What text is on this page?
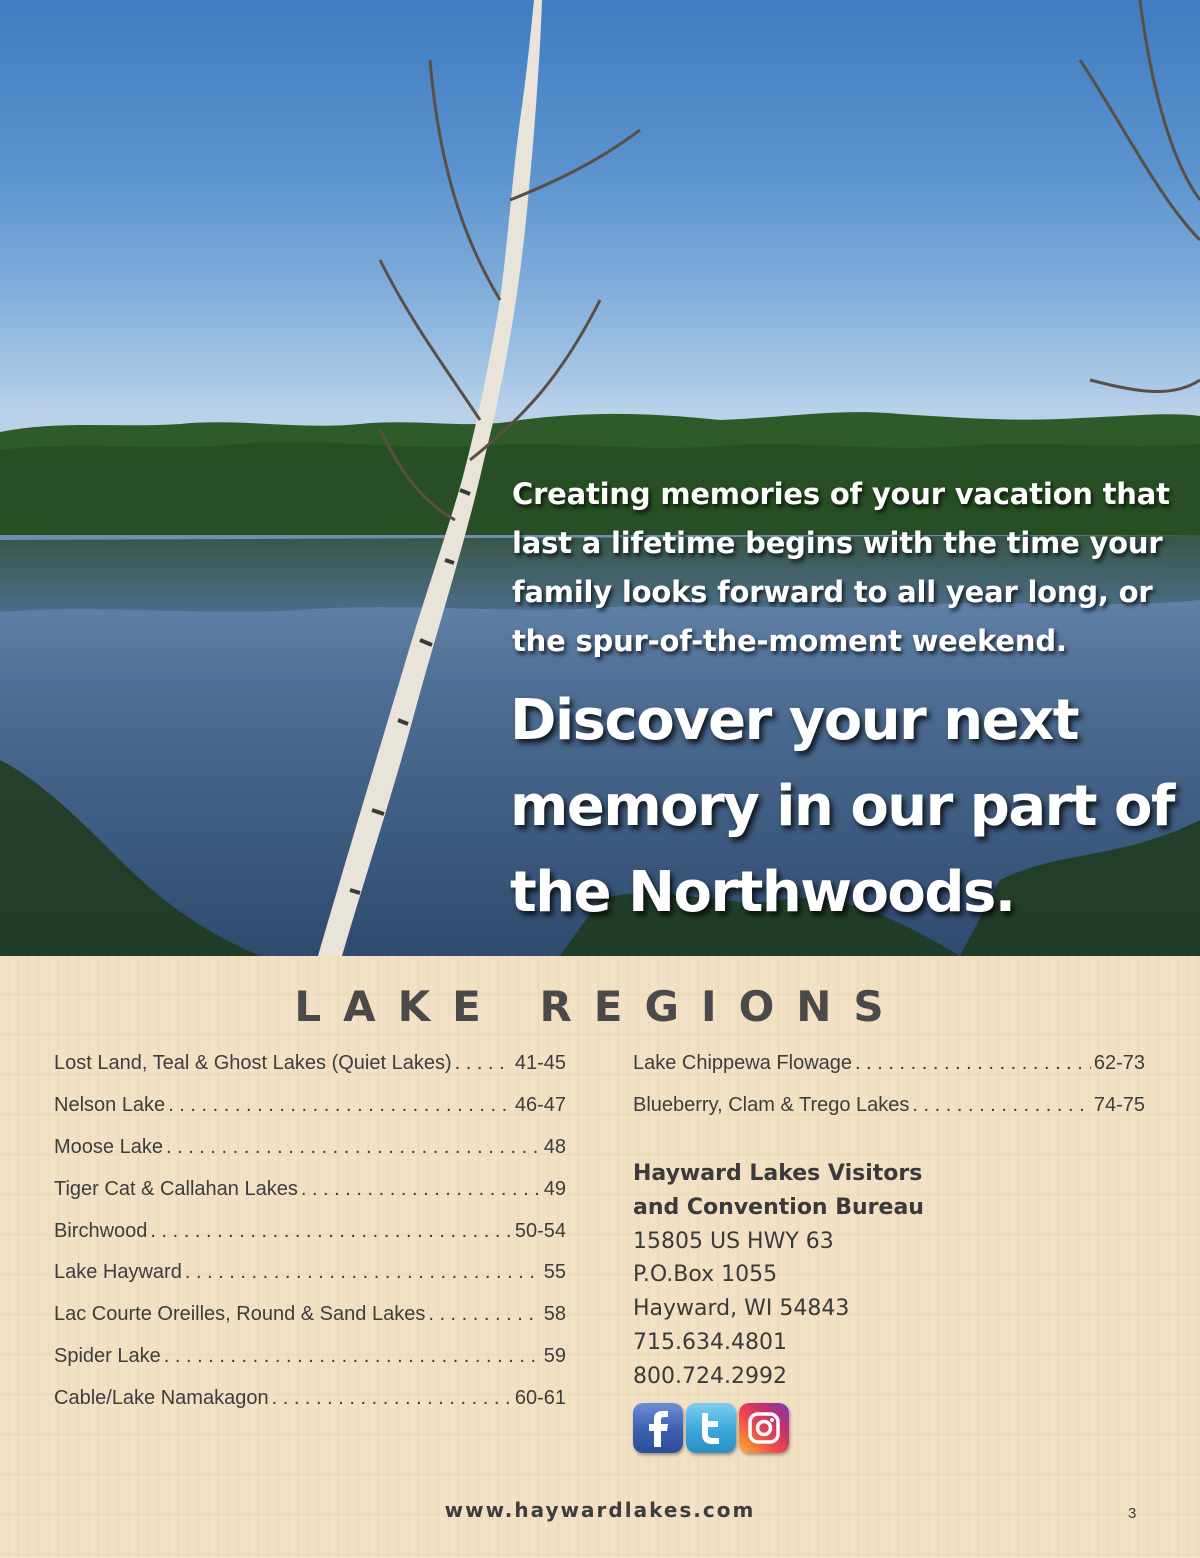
Creating memories of your vacation that last a lifetime begins with the time your family looks forward to all year long, or the spur-of-the-moment weekend.

Discover your next memory in our part of the Northwoods.

LAKE REGIONS
Lost Land, Teal & Ghost Lakes (Quiet Lakes) . . .	41-45
Nelson Lake . . .	46-47
Moose Lake . . .	48
Tiger Cat & Callahan Lakes . . .	49
Birchwood . . .	50-54
Lake Hayward . . .	55
Lac Courte Oreilles, Round & Sand Lakes . . .	58
Spider Lake . . .	59
Cable/Lake Namakagon . . .	60-61
Lake Chippewa Flowage . . .	62-73
Blueberry, Clam & Trego Lakes . . .	74-75

Hayward Lakes Visitors

and Convention Bureau

15805 US HWY 63

P.O.Box 1055

Hayward, WI 54843

715.634.4801

800.724.2992

www.haywardlakes.com	3
